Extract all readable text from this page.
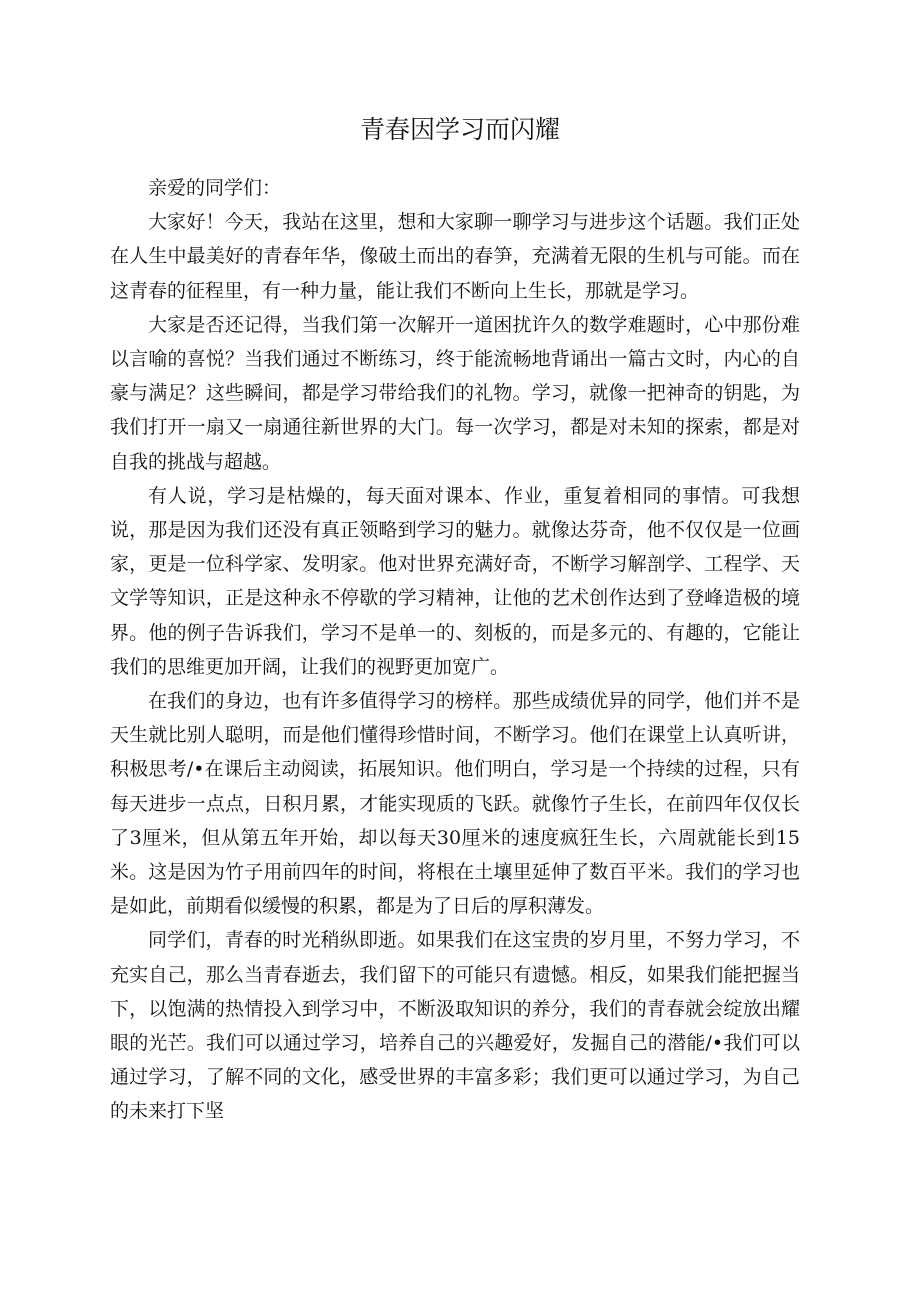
青春因学习而闪耀

亲爱的同学们：

大家好！今天，我站在这里，想和大家聊一聊学习与进步这个话题。我们正处在人生中最美好的青春年华，像破土而出的春笋，充满着无限的生机与可能。而在这青春的征程里，有一种力量，能让我们不断向上生长，那就是学习。

大家是否还记得，当我们第一次解开一道困扰许久的数学难题时，心中那份难以言喻的喜悦？当我们通过不断练习，终于能流畅地背诵出一篇古文时，内心的自豪与满足？这些瞬间，都是学习带给我们的礼物。学习，就像一把神奇的钥匙，为我们打开一扇又一扇通往新世界的大门。每一次学习，都是对未知的探索，都是对自我的挑战与超越。

有人说，学习是枯燥的，每天面对课本、作业，重复着相同的事情。可我想说，那是因为我们还没有真正领略到学习的魅力。就像达芬奇，他不仅仅是一位画家，更是一位科学家、发明家。他对世界充满好奇，不断学习解剖学、工程学、天文学等知识，正是这种永不停歇的学习精神，让他的艺术创作达到了登峰造极的境界。他的例子告诉我们，学习不是单一的、刻板的，而是多元的、有趣的，它能让我们的思维更加开阔，让我们的视野更加宽广。

在我们的身边，也有许多值得学习的榜样。那些成绩优异的同学，他们并不是天生就比别人聪明，而是他们懂得珍惜时间，不断学习。他们在课堂上认真听讲，积极思考/•在课后主动阅读，拓展知识。他们明白，学习是一个持续的过程，只有每天进步一点点，日积月累，才能实现质的飞跃。就像竹子生长，在前四年仅仅长了3厘米，但从第五年开始，却以每天30厘米的速度疯狂生长，六周就能长到15米。这是因为竹子用前四年的时间，将根在土壤里延伸了数百平米。我们的学习也是如此，前期看似缓慢的积累，都是为了日后的厚积薄发。

同学们，青春的时光稍纵即逝。如果我们在这宝贵的岁月里，不努力学习，不充实自己，那么当青春逝去，我们留下的可能只有遗憾。相反，如果我们能把握当下，以饱满的热情投入到学习中，不断汲取知识的养分，我们的青春就会绽放出耀眼的光芒。我们可以通过学习，培养自己的兴趣爱好，发掘自己的潜能/•我们可以通过学习，了解不同的文化，感受世界的丰富多彩；我们更可以通过学习，为自己的未来打下坚
